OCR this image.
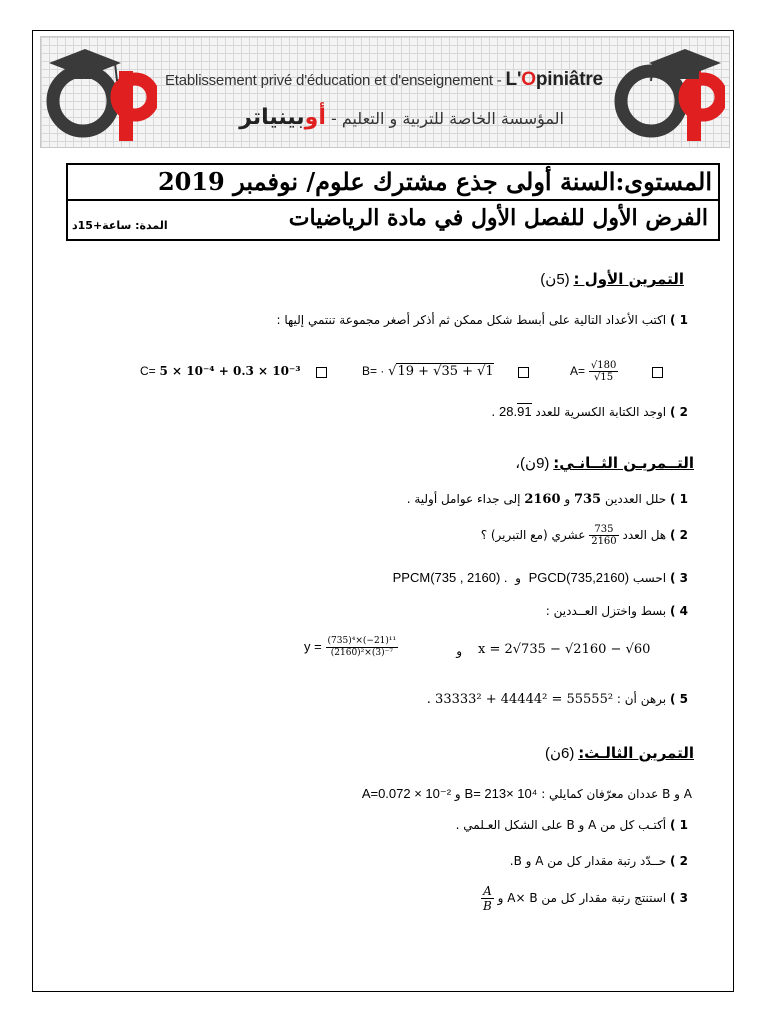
Etablissement privé d'éducation et d'enseignement - L'Opiniâtre
المؤسسة الخاصة للتربية و التعليم - أوبينياتر
المستوى:السنة أولى جذع مشترك علوم/ نوفمبر 2019
الفرض الأول للفصل الأول في مادة الرياضيات
المدة: ساعة+15د
التمرين الأول : (5ن)
1 ) اكتب الأعداد التالية على أبسط شكل ممكن ثم أذكر أصغر مجموعة تنتمي إليها :
$A= \frac{√180}{√15}$
B= · √19 + √35 + √1
C= 5 × 10⁻⁴ + 0.3 × 10⁻³
2 ) اوجد الكتابة الكسرية للعدد 28.91 .
التــمريـن الثــانـي: (9ن)،
1 ) حلل العددين 735 و 2160 إلى جداء عوامل أولية .
2 ) هل العدد
$\frac{735}{2160}$
عشري (مع التبرير) ؟
3 ) احسب PGCD(735,2160)  و  PPCM(735 , 2160) .
4 ) بسط واختزل العــددين :
x = 2√735 − √2160 − √60
و
$y = \frac{\text{(735)⁴×(−21)¹¹}}{\text{(2160)²×(3)⁻⁷}}$
5 ) برهن أن : . 33333² + 44444² = 55555²
التمرين الثالـث: (6ن)
A و B عددان معرّفان كمايلي : B= 213× 10⁴ و A=0.072 × 10⁻²
1 ) أكتـب كل من A و B على الشكل العـلمي .
2 ) حــدّد رتبة مقدار كل من A و B.
3 ) استنتج رتبة مقدار كل من A× B و
$\frac{A}{B}$
